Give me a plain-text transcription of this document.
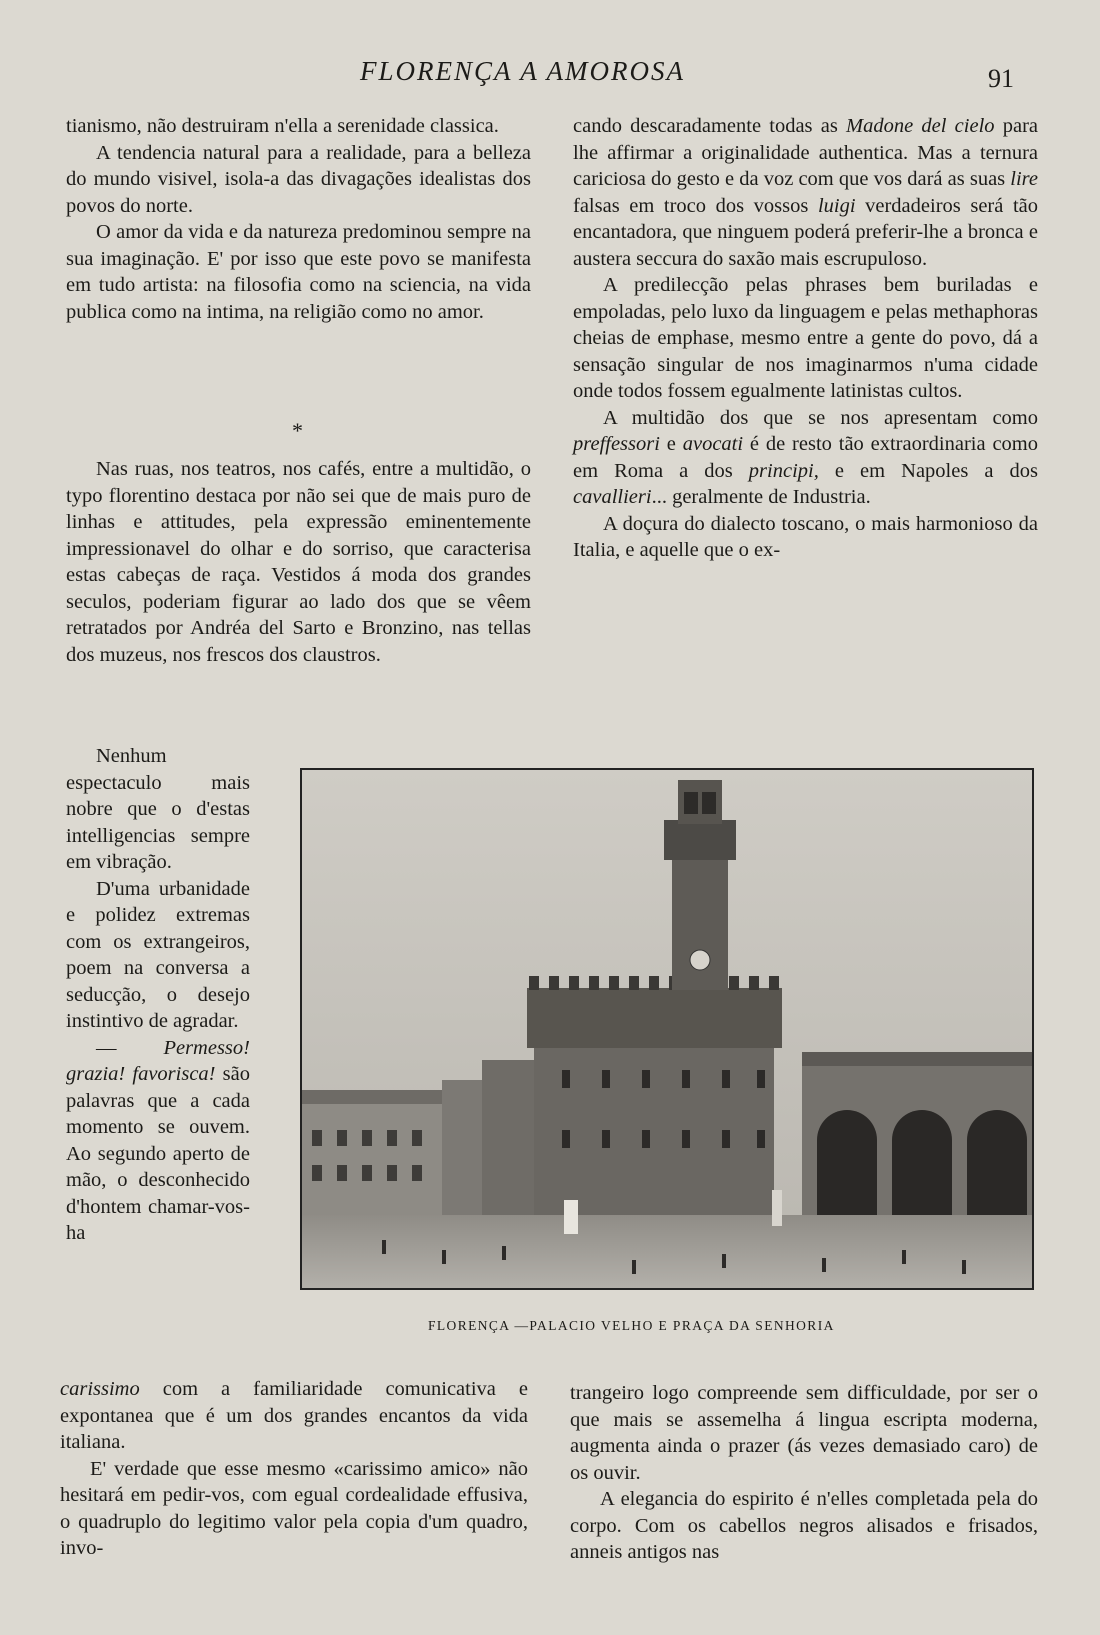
FLORENÇA A AMOROSA	91

tianismo, não destruiram n'ella a serenidade classica.

A tendencia natural para a realidade, para a belleza do mundo visivel, isola-a das divagações idealistas dos povos do norte.

O amor da vida e da natureza predominou sempre na sua imaginação. E' por isso que este povo se manifesta em tudo artista: na filosofia como na sciencia, na vida publica como na intima, na religião como no amor.

*

Nas ruas, nos teatros, nos cafés, entre a multidão, o typo florentino destaca por não sei que de mais puro de linhas e attitudes, pela expressão eminentemente impressionavel do olhar e do sorriso, que caracterisa estas cabeças de raça. Vestidos á moda dos grandes seculos, poderiam figurar ao lado dos que se vêem retratados por Andréa del Sarto e Bronzino, nas tellas dos muzeus, nos frescos dos claustros.

Nenhum espectaculo mais nobre que o d'estas intelligencias sempre em vibração.

D'uma urbanidade e polidez extremas com os extrangeiros, poem na conversa a seducção, o desejo instintivo de agradar.

— Permesso! grazia! favorisca! são palavras que a cada momento se ouvem. Ao segundo aperto de mão, o desconhecido d'hontem chamar-vos-ha

carissimo com a familiaridade comunicativa e expontanea que é um dos grandes encantos da vida italiana.

E' verdade que esse mesmo «carissimo amico» não hesitará em pedir-vos, com egual cordealidade effusiva, o quadruplo do legitimo valor pela copia d'um quadro, invo-

cando descaradamente todas as Madone del cielo para lhe affirmar a originalidade authentica. Mas a ternura cariciosa do gesto e da voz com que vos dará as suas lire falsas em troco dos vossos luigi verdadeiros será tão encantadora, que ninguem poderá preferir-lhe a bronca e austera seccura do saxão mais escrupuloso.

A predilecção pelas phrases bem buriladas e empoladas, pelo luxo da linguagem e pelas methaphoras cheias de emphase, mesmo entre a gente do povo, dá a sensação singular de nos imaginarmos n'uma cidade onde todos fossem egualmente latinistas cultos.

A multidão dos que se nos apresentam como preffessori e avocati é de resto tão extraordinaria como em Roma a dos principi, e em Napoles a dos cavallieri... geralmente de Industria.

A doçura do dialecto toscano, o mais harmonioso da Italia, e aquelle que o ex-

FLORENÇA —PALACIO VELHO E PRAÇA DA SENHORIA

trangeiro logo compreende sem difficuldade, por ser o que mais se assemelha á lingua escripta moderna, augmenta ainda o prazer (ás vezes demasiado caro) de os ouvir.

A elegancia do espirito é n'elles completada pela do corpo. Com os cabellos negros alisados e frisados, anneis antigos nas
